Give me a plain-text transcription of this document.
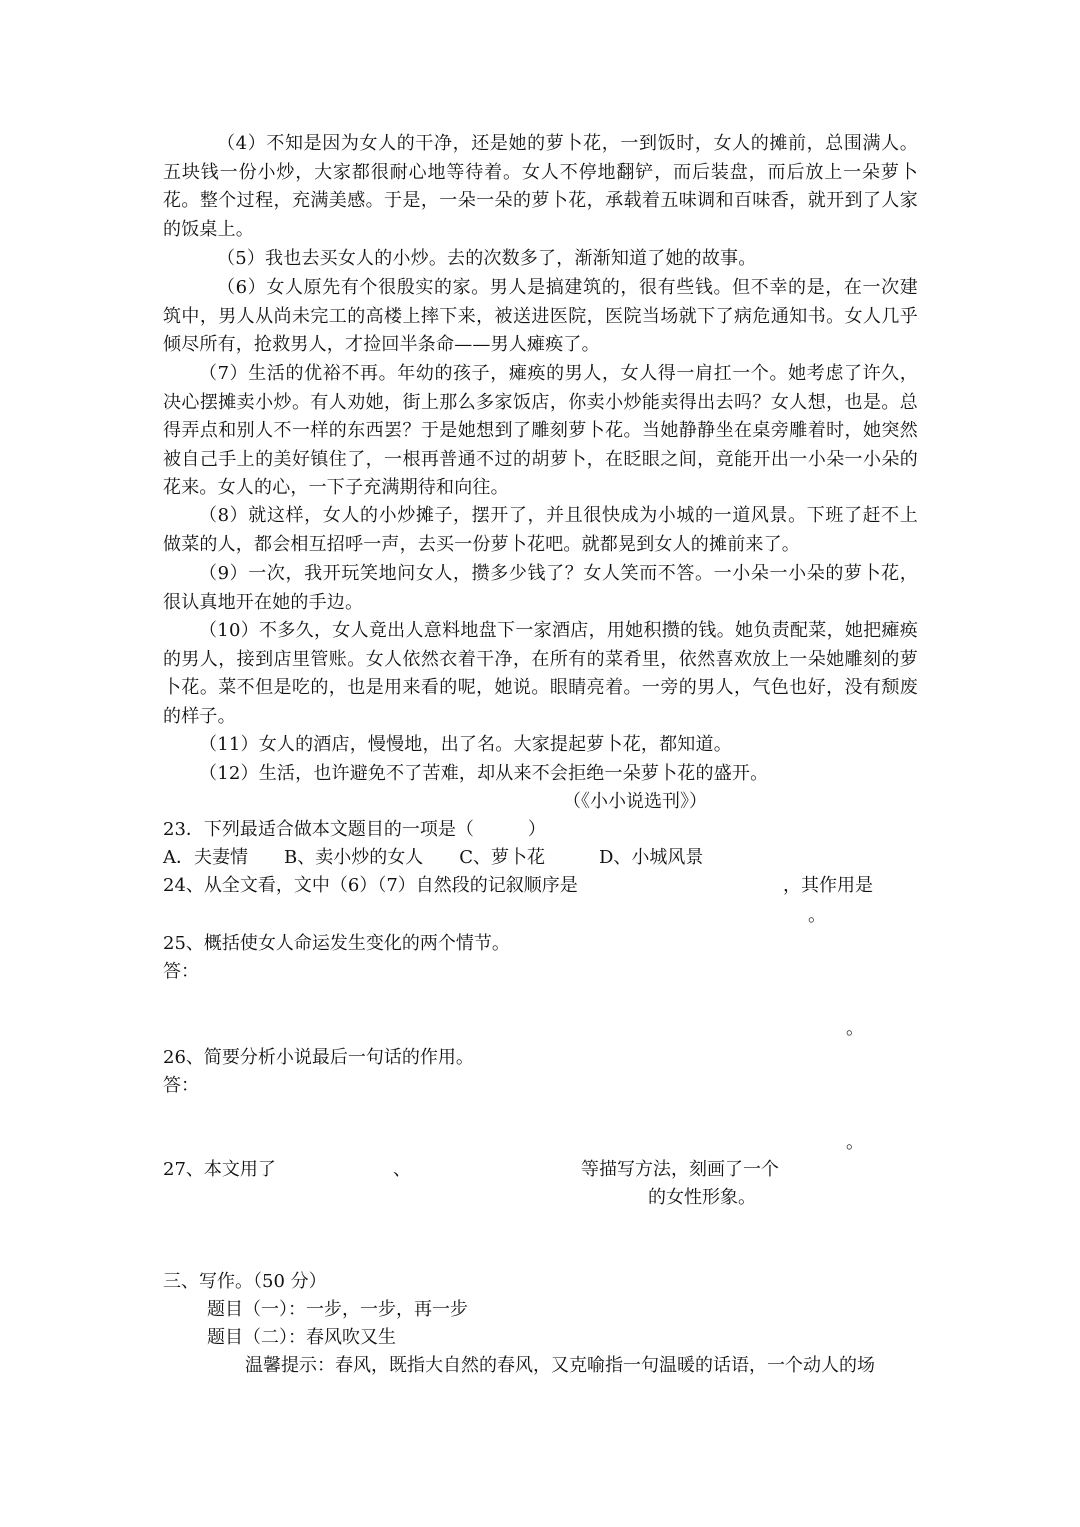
（4）不知是因为女人的干净，还是她的萝卜花，一到饭时，女人的摊前，总围满人。五块钱一份小炒，大家都很耐心地等待着。女人不停地翻铲，而后装盘，而后放上一朵萝卜花。整个过程，充满美感。于是，一朵一朵的萝卜花，承载着五味调和百味香，就开到了人家的饭桌上。

（5）我也去买女人的小炒。去的次数多了，渐渐知道了她的故事。

（6）女人原先有个很殷实的家。男人是搞建筑的，很有些钱。但不幸的是，在一次建筑中，男人从尚未完工的高楼上摔下来，被送进医院，医院当场就下了病危通知书。女人几乎倾尽所有，抢救男人，才捡回半条命——男人瘫痪了。

（7）生活的优裕不再。年幼的孩子，瘫痪的男人，女人得一肩扛一个。她考虑了许久，决心摆摊卖小炒。有人劝她，街上那么多家饭店，你卖小炒能卖得出去吗？女人想，也是。总得弄点和别人不一样的东西罢？于是她想到了雕刻萝卜花。当她静静坐在桌旁雕着时，她突然被自己手上的美好镇住了，一根再普通不过的胡萝卜，在眨眼之间，竟能开出一小朵一小朵的花来。女人的心，一下子充满期待和向往。

（8）就这样，女人的小炒摊子，摆开了，并且很快成为小城的一道风景。下班了赶不上做菜的人，都会相互招呼一声，去买一份萝卜花吧。就都晃到女人的摊前来了。

（9）一次，我开玩笑地问女人，攒多少钱了？女人笑而不答。一小朵一小朵的萝卜花，很认真地开在她的手边。

（10）不多久，女人竟出人意料地盘下一家酒店，用她积攒的钱。她负责配菜，她把瘫痪的男人，接到店里管账。女人依然衣着干净，在所有的菜肴里，依然喜欢放上一朵她雕刻的萝卜花。菜不但是吃的，也是用来看的呢，她说。眼睛亮着。一旁的男人，气色也好，没有颓废的样子。

（11）女人的酒店，慢慢地，出了名。大家提起萝卜花，都知道。

（12）生活，也许避免不了苦难，却从来不会拒绝一朵萝卜花的盛开。

（《小小说选刊》）

23．下列最适合做本文题目的一项是（　　　）

A．夫妻情　　B、卖小炒的女人　　C、萝卜花　　　D、小城风景

24、从全文看，文中（6）（7）自然段的记叙顺序是	，其作用是

。

25、概括使女人命运发生变化的两个情节。

答：

。

26、简要分析小说最后一句话的作用。

答：

。

27、本文用了	、	等描写方法，刻画了一个

的女性形象。

三、写作。（50 分）

题目（一）：一步，一步，再一步

题目（二）：春风吹又生

温馨提示：春风，既指大自然的春风，又克喻指一句温暖的话语，一个动人的场
